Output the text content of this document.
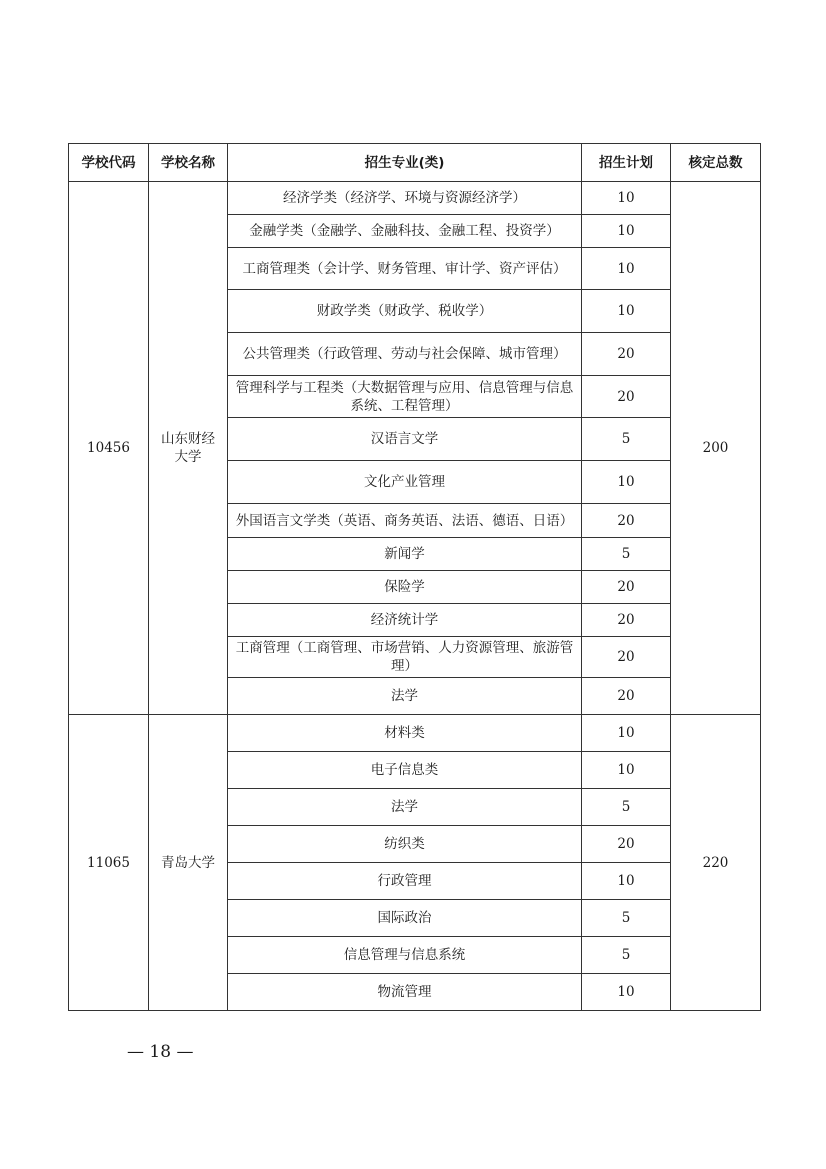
学校代码	学校名称	招生专业(类)	招生计划	核定总数
10456	山东财经大学	经济学类（经济学、环境与资源经济学）	10	200
		金融学类（金融学、金融科技、金融工程、投资学）	10	
		工商管理类（会计学、财务管理、审计学、资产评估）	10	
		财政学类（财政学、税收学）	10	
		公共管理类（行政管理、劳动与社会保障、城市管理）	20	
		管理科学与工程类（大数据管理与应用、信息管理与信息系统、工程管理）	20	
		汉语言文学	5	
		文化产业管理	10	
		外国语言文学类（英语、商务英语、法语、德语、日语）	20	
		新闻学	5	
		保险学	20	
		经济统计学	20	
		工商管理（工商管理、市场营销、人力资源管理、旅游管理）	20	
		法学	20	
11065	青岛大学	材料类	10	220
		电子信息类	10	
		法学	5	
		纺织类	20	
		行政管理	10	
		国际政治	5	
		信息管理与信息系统	5	
		物流管理	10	
— 18 —
